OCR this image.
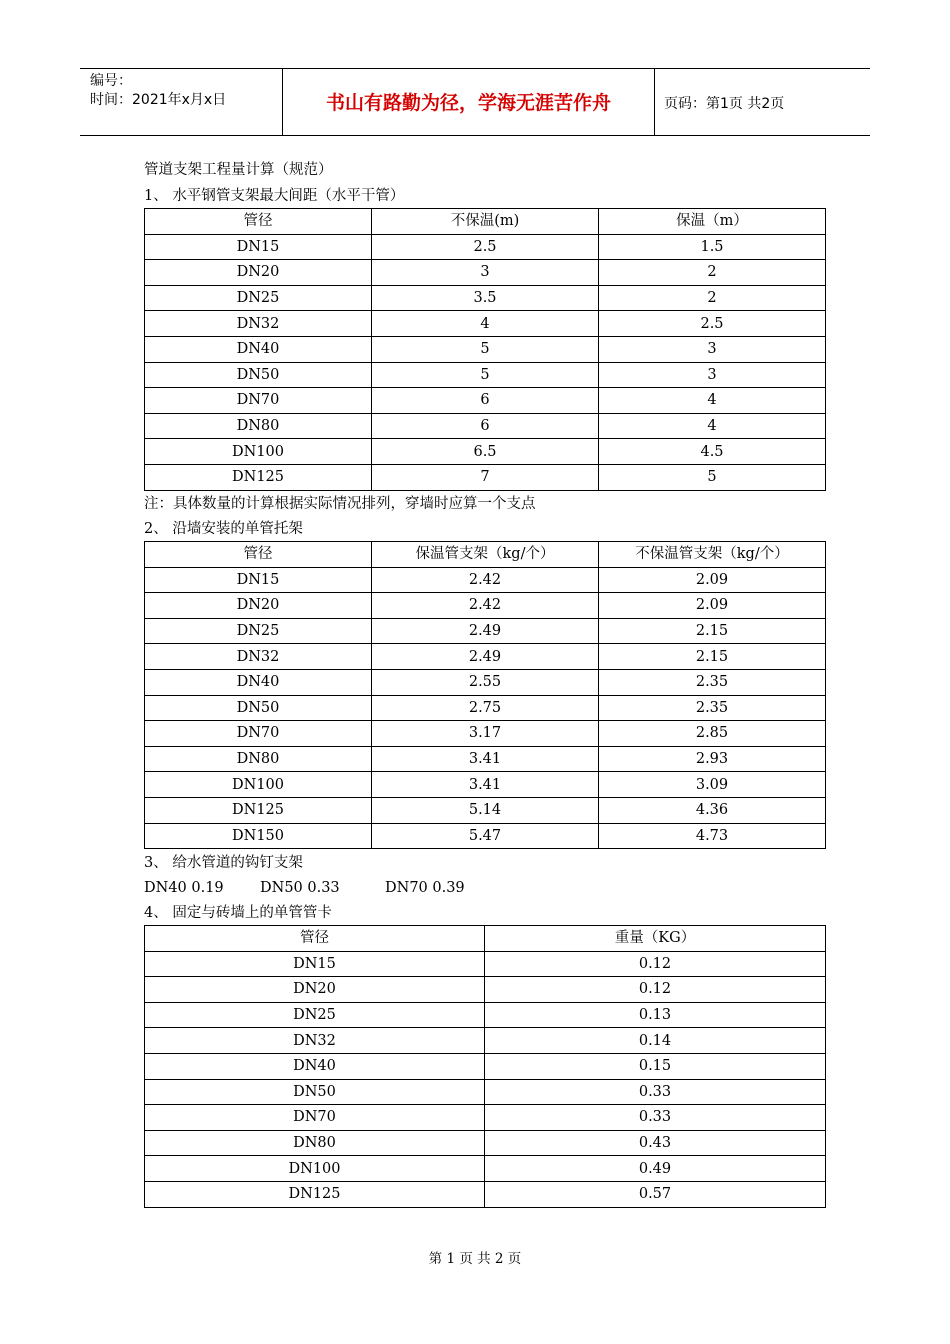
编号：
时间：2021年x月x日	书山有路勤为径，学海无涯苦作舟	页码：第1页 共2页
管道支架工程量计算（规范）
1、 水平钢管支架最大间距（水平干管）
管径	不保温(m)	保温（m）
DN15	2.5	1.5
DN20	3	2
DN25	3.5	2
DN32	4	2.5
DN40	5	3
DN50	5	3
DN70	6	4
DN80	6	4
DN100	6.5	4.5
DN125	7	5
注：具体数量的计算根据实际情况排列，穿墙时应算一个支点
2、 沿墙安装的单管托架
管径	保温管支架（kg/个）	不保温管支架（kg/个）
DN15	2.42	2.09
DN20	2.42	2.09
DN25	2.49	2.15
DN32	2.49	2.15
DN40	2.55	2.35
DN50	2.75	2.35
DN70	3.17	2.85
DN80	3.41	2.93
DN100	3.41	3.09
DN125	5.14	4.36
DN150	5.47	4.73
3、 给水管道的钩钉支架
DN40 0.19	DN50 0.33	DN70 0.39
4、 固定与砖墙上的单管管卡
管径	重量（KG）
DN15	0.12
DN20	0.12
DN25	0.13
DN32	0.14
DN40	0.15
DN50	0.33
DN70	0.33
DN80	0.43
DN100	0.49
DN125	0.57
第 1 页 共 2 页
